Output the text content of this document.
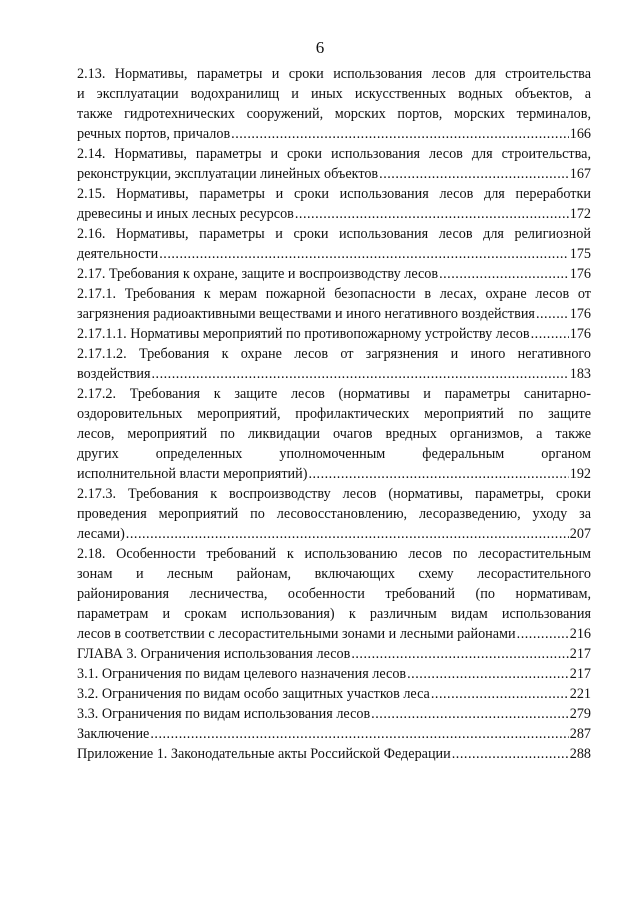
6
2.13. Нормативы, параметры и сроки использования лесов для строительства
и эксплуатации водохранилищ и иных искусственных водных объектов, а
также гидротехнических сооружений, морских портов, морских терминалов,
речных портов, причалов .....	166
2.14. Нормативы, параметры и сроки использования лесов для строительства,
реконструкции, эксплуатации линейных объектов .....	167
2.15. Нормативы, параметры и сроки использования лесов для переработки
древесины и иных лесных ресурсов .....	172
2.16. Нормативы, параметры и сроки использования лесов для религиозной
деятельности .....	175
2.17. Требования к охране, защите и воспроизводству лесов .....	176
2.17.1. Требования к мерам пожарной безопасности в лесах, охране лесов от
загрязнения радиоактивными веществами и иного негативного воздействия ..... 176
2.17.1.1. Нормативы мероприятий по противопожарному устройству лесов .....	176
2.17.1.2. Требования к охране лесов от загрязнения и иного негативного
воздействия .....	183
2.17.2. Требования к защите лесов (нормативы и параметры санитарно-
оздоровительных мероприятий, профилактических мероприятий по защите
лесов, мероприятий по ликвидации очагов вредных организмов, а также
других определенных уполномоченным федеральным органом
исполнительной власти мероприятий) .....	192
2.17.3. Требования к воспроизводству лесов (нормативы, параметры, сроки
проведения мероприятий по лесовосстановлению, лесоразведению, уходу за
лесами) .....	207
2.18. Особенности требований к использованию лесов по лесорастительным
зонам и лесным районам, включающих схему лесорастительного
районирования лесничества, особенности требований (по нормативам,
параметрам и срокам использования) к различным видам использования
лесов в соответствии с лесорастительными зонами и лесными районами .....	216
ГЛАВА 3. Ограничения использования лесов .....	217
3.1. Ограничения по видам целевого назначения лесов .....	217
3.2. Ограничения по видам особо защитных участков леса .....	221
3.3. Ограничения по видам использования лесов .....	279
Заключение .....	287
Приложение 1. Законодательные акты Российской Федерации .....	288
